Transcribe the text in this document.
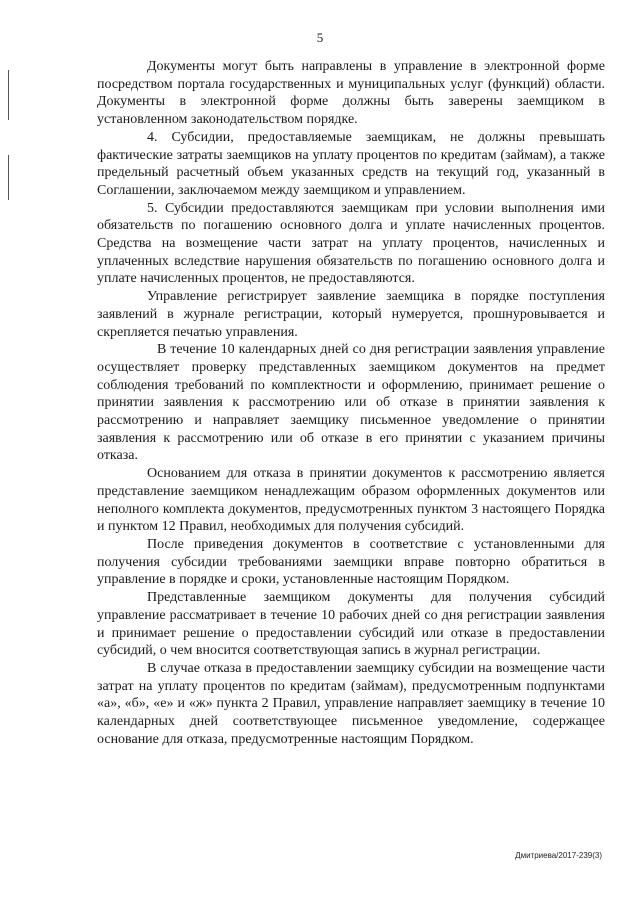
5

Документы могут быть направлены в управление в электронной форме посредством портала государственных и муниципальных услуг (функций) области. Документы в электронной форме должны быть заверены заемщиком в установленном законодательством порядке.

4. Субсидии, предоставляемые заемщикам, не должны превышать фактические затраты заемщиков на уплату процентов по кредитам (займам), а также предельный расчетный объем указанных средств на текущий год, указанный в Соглашении, заключаемом между заемщиком и управлением.

5. Субсидии предоставляются заемщикам при условии выполнения ими обязательств по погашению основного долга и уплате начисленных процентов. Средства на возмещение части затрат на уплату процентов, начисленных и уплаченных вследствие нарушения обязательств по погашению основного долга и уплате начисленных процентов, не предоставляются.

Управление регистрирует заявление заемщика в порядке поступления заявлений в журнале регистрации, который нумеруется, прошнуровывается и скрепляется печатью управления.

В течение 10 календарных дней со дня регистрации заявления управление осуществляет проверку представленных заемщиком документов на предмет соблюдения требований по комплектности и оформлению, принимает решение о принятии заявления к рассмотрению или об отказе в принятии заявления к рассмотрению и направляет заемщику письменное уведомление о принятии заявления к рассмотрению или об отказе в его принятии с указанием причины отказа.

Основанием для отказа в принятии документов к рассмотрению является представление заемщиком ненадлежащим образом оформленных документов или неполного комплекта документов, предусмотренных пунктом 3 настоящего Порядка и пунктом 12 Правил, необходимых для получения субсидий.

После приведения документов в соответствие с установленными для получения субсидии требованиями заемщики вправе повторно обратиться в управление в порядке и сроки, установленные настоящим Порядком.

Представленные заемщиком документы для получения субсидий управление рассматривает в течение 10 рабочих дней со дня регистрации заявления и принимает решение о предоставлении субсидий или отказе в предоставлении субсидий, о чем вносится соответствующая запись в журнал регистрации.

В случае отказа в предоставлении заемщику субсидии на возмещение части затрат на уплату процентов по кредитам (займам), предусмотренным подпунктами «а», «б», «е» и «ж» пункта 2 Правил, управление направляет заемщику в течение 10 календарных дней соответствующее письменное уведомление, содержащее основание для отказа, предусмотренные настоящим Порядком.

Дмитриева/2017-239(3)
